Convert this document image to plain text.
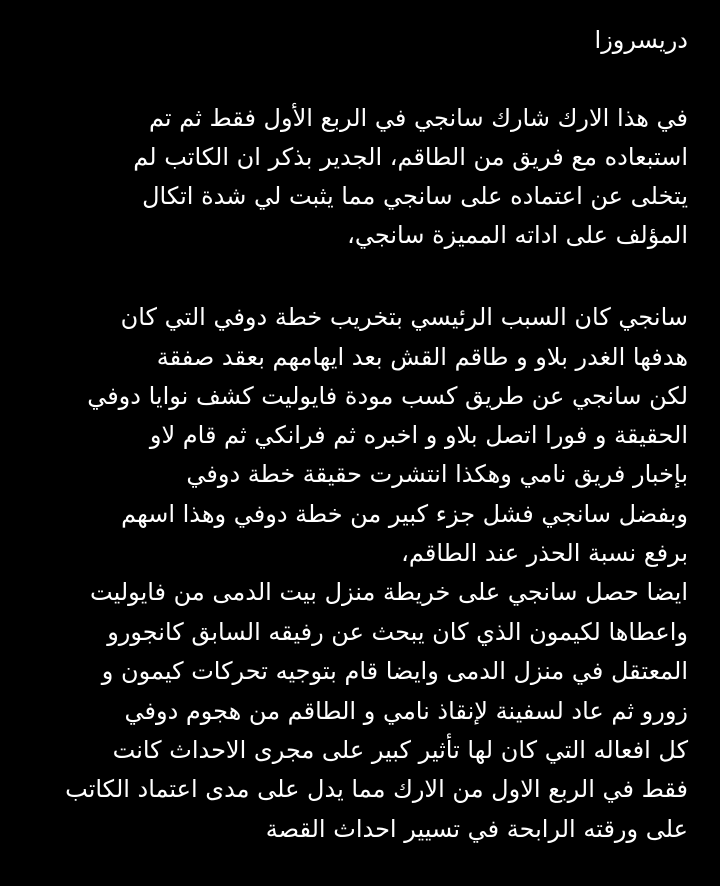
دريسروزا
في هذا الارك شارك سانجي في الربع الأول فقط ثم تم
استبعاده مع فريق من الطاقم، الجدير بذكر ان الكاتب لم
يتخلى عن اعتماده على سانجي مما يثبت لي شدة اتكال
المؤلف على اداته المميزة سانجي،
سانجي كان السبب الرئيسي بتخريب خطة دوفي التي كان
هدفها الغدر بلاو و طاقم القش بعد ايهامهم بعقد صفقة
لكن سانجي عن طريق كسب مودة فايوليت كشف نوايا دوفي
الحقيقة و فورا اتصل بلاو و اخبره ثم فرانكي ثم قام لاو
بإخبار فريق نامي وهكذا انتشرت حقيقة خطة دوفي
وبفضل سانجي فشل جزء كبير من خطة دوفي وهذا اسهم
برفع نسبة الحذر عند الطاقم،
ايضا حصل سانجي على خريطة منزل بيت الدمى من فايوليت
واعطاها لكيمون الذي كان يبحث عن رفيقه السابق كانجورو
المعتقل في منزل الدمى وايضا قام بتوجيه تحركات كيمون و
زورو ثم عاد لسفينة لإنقاذ نامي و الطاقم من هجوم دوفي
كل افعاله التي كان لها تأثير كبير على مجرى الاحداث كانت
فقط في الربع الاول من الارك مما يدل على مدى اعتماد الكاتب
على ورقته الرابحة في تسيير احداث القصة
